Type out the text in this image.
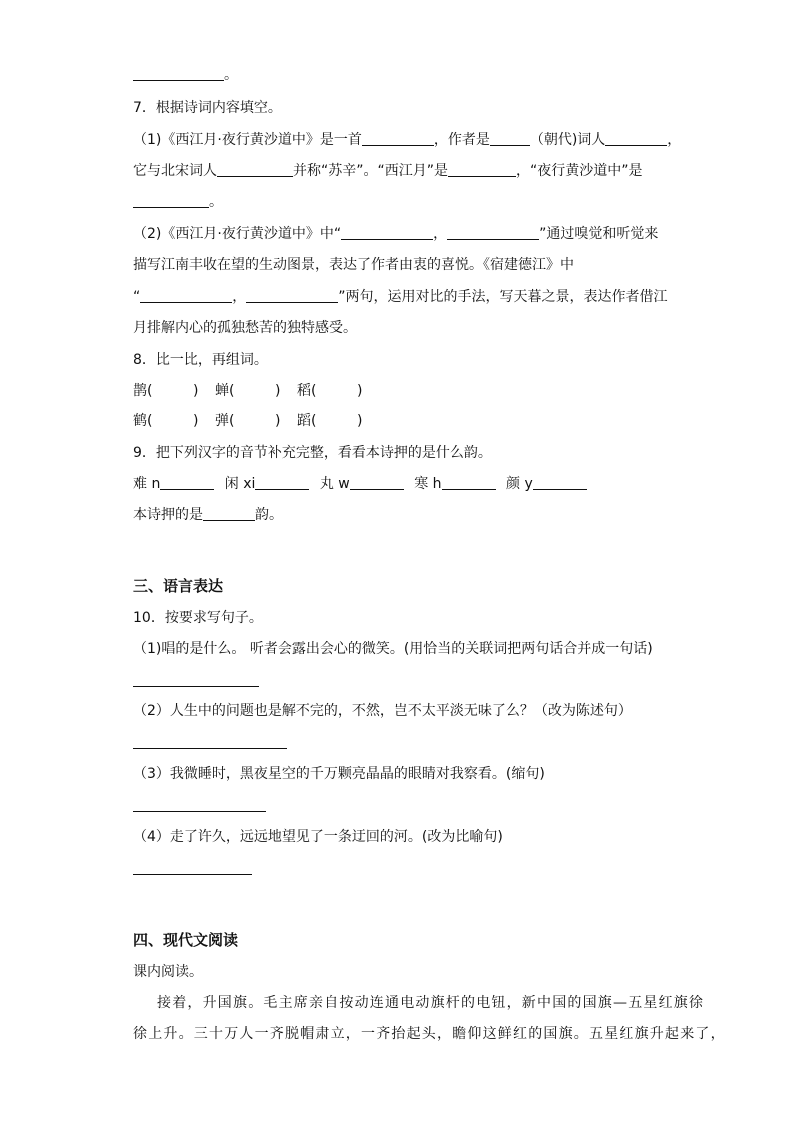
。
7．根据诗词内容填空。
（1)《西江月·夜行黄沙道中》是一首	，作者是	（朝代)词人	，
它与北宋词人	并称“苏辛”。“西江月”是	，“夜行黄沙道中”是
。
（2)《西江月·夜行黄沙道中》中“	，	”通过嗅觉和听觉来
描写江南丰收在望的生动图景，表达了作者由衷的喜悦。《宿建德江》中
“	，	”两句，运用对比的手法，写天暮之景，表达作者借江
月排解内心的孤独愁苦的独特感受。
8．比一比，再组词。
鹊(	) 蝉(	) 稻(	)
鹤(	) 弹(	) 蹈(	)
9．把下列汉字的音节补充完整，看看本诗押的是什么韵。
难 n	闲 xi	丸 w	寒 h	颜 y
本诗押的是	韵。
三、语言表达
10．按要求写句子。
（1)唱的是什么。 听者会露出会心的微笑。(用恰当的关联词把两句话合并成一句话)
（2）人生中的问题也是解不完的，不然，岂不太平淡无味了么？（改为陈述句）
（3）我微睡时，黑夜星空的千万颗亮晶晶的眼睛对我察看。(缩句)
（4）走了许久，远远地望见了一条迂回的河。(改为比喻句)
四、现代文阅读
课内阅读。
接着，升国旗。毛主席亲自按动连通电动旗杆的电钮，新中国的国旗—五星红旗徐
徐上升。三十万人一齐脱帽肃立，一齐抬起头，瞻仰这鲜红的国旗。五星红旗升起来了，
